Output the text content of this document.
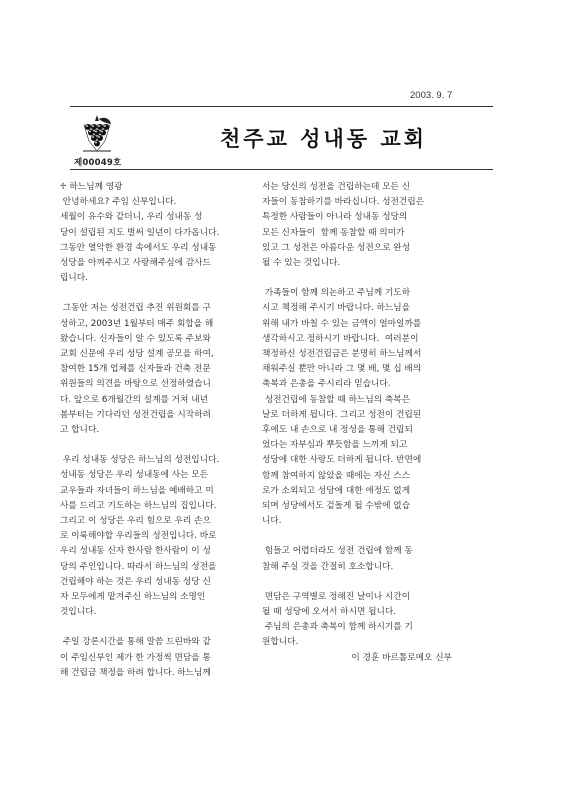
2003. 9. 7
제00049호
천주교 성내동 교회

♱ 하느님께 영광

안녕하세요? 주임 신부입니다.
세월이 유수와 같더니, 우리 성내동 성
당이 설립된 지도 벌써 일년이 다가옵니다.
그동안 열악한 환경 속에서도 우리 성내동
성당을 아껴주시고 사랑해주심에 감사드
립니다.

그동안 저는 성전건립 추진 위원회를 구
성하고, 2003년 1월부터 매주 회합을 해
왔습니다. 신자들이 알 수 있도록 주보와
교회 신문에 우리 성당 설계 공모을 하여,
참여한 15개 업체를 신자들과 건축 전문
위원들의 의견을 바탕으로 선정하였습니
다. 앞으로 6개월간의 설계를 거쳐 내년
봄부터는 기다리던 성전건립을 시작하려
고 합니다.

우리 성내동 성당은 하느님의 성전입니다.
성내동 성당은 우리 성내동에 사는 모든
교우들과 자녀들이 하느님을 예배하고 미
사를 드리고 기도하는 하느님의 집입니다.
그리고 이 성당은 우리 힘으로 우리 손으
로 이룩해야할 우리들의 성전입니다. 바로
우리 성내동 신자 한사람 한사람이 이 성
당의 주인입니다. 따라서 하느님의 성전을
건립해야 하는 것은 우리 성내동 성당 신
자 모두에게 맡겨주신 하느님의 소명인
것입니다.

주일 강론시간을 통해 말씀 드린바와 같
이 주임신부인 제가 한 가정씩 면담을 통
해 건립금 책정을 하려 합니다. 하느님께

서는 당신의 성전을 건립하는데 모든 신
자들이 동참하기를 바라십니다. 성전건립은
특정한 사람들이 아니라 성내동 성당의
모든 신자들이  함께 동참할 때 의미가
있고 그 성전은 아름다운 성전으로 완성
될 수 있는 것입니다.

가족들이 함께 의논하고 주님께 기도하
시고 책정해 주시기 바랍니다. 하느님을
위해 내가 바칠 수 있는 금액이 얼마일까를
생각하시고 정하시기 바랍니다.  여러분이
책정하신 성전건립금은 분명히 하느님께서
채워주실 뿐만 아니라 그 몇 배, 몇 십 배의
축복과 은총을 주시리라 믿습니다.
성전건립에 동참할 때 하느님의 축복은
날로 더하게 됩니다. 그리고 성전이 건립된
후에도 내 손으로 내 정성을 통해 건립되
었다는 자부심과 뿌듯함을 느끼게 되고
성당에 대한 사랑도 더하게 됩니다. 반면에
함께 참여하지 않았을 때에는 자신 스스
로가 소외되고 성당에 대한 애정도 없게
되며 성당에서도 겉돌게 될 수밖에 없습
니다.

힘들고 어렵더라도 성전 건립에 함께 동
참해 주실 것을 간절히 호소합니다.

면담은 구역별로 정해진 날이나 시간이
될 때 성당에 오셔서 하시면 됩니다.
주님의 은총과 축복이 함께 하시기를 기
원합니다.

이 경훈 바르톨로메오 신부
